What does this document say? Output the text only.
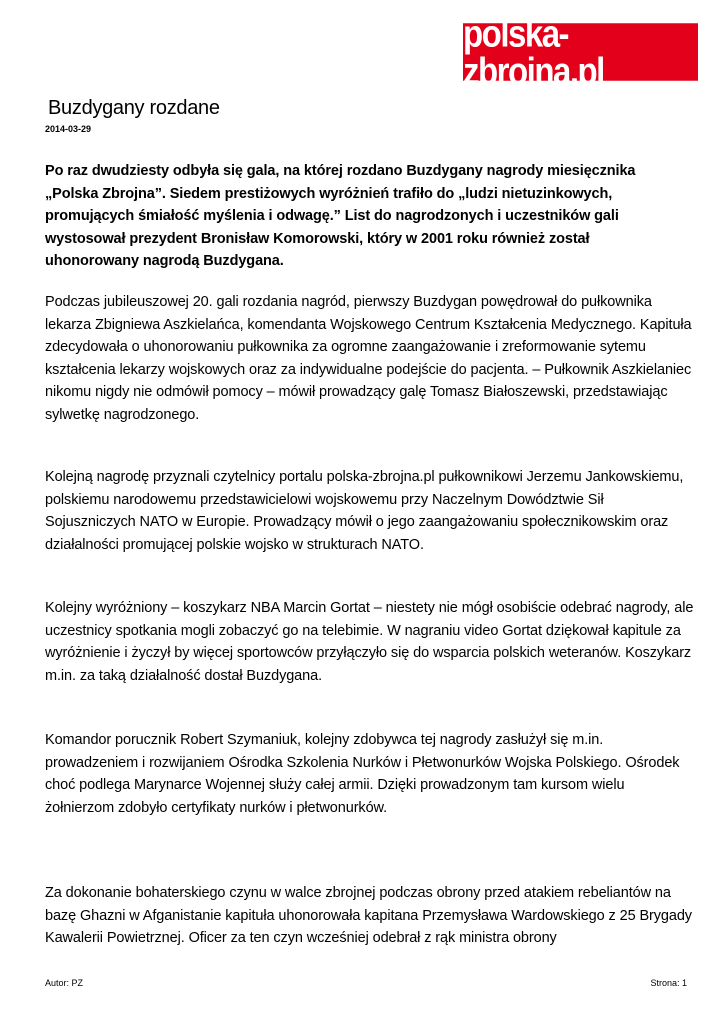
polska-zbrojna.pl
Buzdygany rozdane
2014-03-29

Po raz dwudziesty odbyła się gala, na której rozdano Buzdygany nagrody miesięcznika „Polska Zbrojna”. Siedem prestiżowych wyróżnień trafiło do „ludzi nietuzinkowych, promujących śmiałość myślenia i odwagę.” List do nagrodzonych i uczestników gali wystosował prezydent Bronisław Komorowski, który w 2001 roku również został uhonorowany nagrodą Buzdygana.

Podczas jubileuszowej 20. gali rozdania nagród, pierwszy Buzdygan powędrował do pułkownika lekarza Zbigniewa Aszkielańca, komendanta Wojskowego Centrum Kształcenia Medycznego. Kapituła zdecydowała o uhonorowaniu pułkownika za ogromne zaangażowanie i zreformowanie sytemu kształcenia lekarzy wojskowych oraz za indywidualne podejście do pacjenta. – Pułkownik Aszkielaniec nikomu nigdy nie odmówił pomocy – mówił prowadzący galę Tomasz Białoszewski, przedstawiając sylwetkę nagrodzonego.

Kolejną nagrodę przyznali czytelnicy portalu polska-zbrojna.pl pułkownikowi Jerzemu Jankowskiemu, polskiemu narodowemu przedstawicielowi wojskowemu przy Naczelnym Dowództwie Sił Sojuszniczych NATO w Europie. Prowadzący mówił o jego zaangażowaniu społecznikowskim oraz działalności promującej polskie wojsko w strukturach NATO.

Kolejny wyróżniony – koszykarz NBA Marcin Gortat – niestety nie mógł osobiście odebrać nagrody, ale uczestnicy spotkania mogli zobaczyć go na telebimie. W nagraniu video Gortat dziękował kapitule za wyróżnienie i życzył by więcej sportowców przyłączyło się do wsparcia polskich weteranów. Koszykarz m.in. za taką działalność dostał Buzdygana.

Komandor porucznik Robert Szymaniuk, kolejny zdobywca tej nagrody zasłużył się m.in. prowadzeniem i rozwijaniem Ośrodka Szkolenia Nurków i Płetwonurków Wojska Polskiego. Ośrodek choć podlega Marynarce Wojennej służy całej armii. Dzięki prowadzonym tam kursom wielu żołnierzom zdobyło certyfikaty nurków i płetwonurków.

Za dokonanie bohaterskiego czynu w walce zbrojnej podczas obrony przed atakiem rebeliantów na bazę Ghazni w Afganistanie kapituła uhonorowała kapitana Przemysława Wardowskiego z 25 Brygady Kawalerii Powietrznej. Oficer za ten czyn wcześniej odebrał z rąk ministra obrony

Autor: PZ	Strona: 1
